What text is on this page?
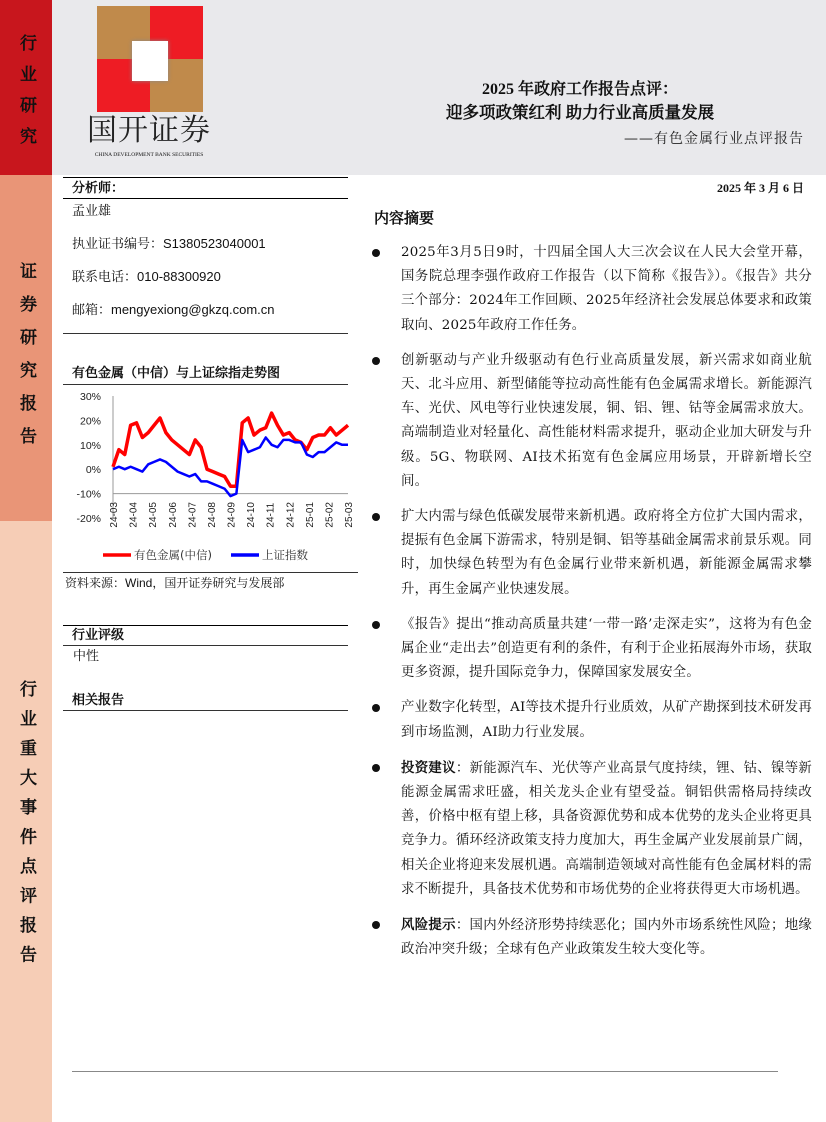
行业研究
证券研究报告
行业重大事件点评报告
国开证券
CHINA DEVELOPMENT BANK SECURITIES
2025 年政府工作报告点评：
迎多项政策红利 助力行业高质量发展
——有色金属行业点评报告
2025 年 3 月 6 日
分析师：
孟业雄
执业证书编号：S1380523040001
联系电话：010-88300920
邮箱：mengyexiong@gkzq.com.cn
有色金属（中信）与上证综指走势图
30%
20%
10%
0%
-10%
-20% 24-03 24-04 24-05 24-06 24-07 24-08 24-09 24-10 24-11 24-12 25-01 25-02 25-03
有色金属(中信)	上证指数
资料来源：Wind，国开证券研究与发展部
行业评级
中性
相关报告
内容摘要
2025年3月5日9时，十四届全国人大三次会议在人民大会堂开幕，国务院总理李强作政府工作报告（以下简称《报告》）。《报告》共分三个部分：2024年工作回顾、2025年经济社会发展总体要求和政策取向、2025年政府工作任务。
创新驱动与产业升级驱动有色行业高质量发展，新兴需求如商业航天、北斗应用、新型储能等拉动高性能有色金属需求增长。新能源汽车、光伏、风电等行业快速发展，铜、铝、锂、钴等金属需求放大。高端制造业对轻量化、高性能材料需求提升，驱动企业加大研发与升级。5G、物联网、AI技术拓宽有色金属应用场景，开辟新增长空间。
扩大内需与绿色低碳发展带来新机遇。政府将全方位扩大国内需求，提振有色金属下游需求，特别是铜、铝等基础金属需求前景乐观。同时，加快绿色转型为有色金属行业带来新机遇，新能源金属需求攀升，再生金属产业快速发展。
《报告》提出“推动高质量共建‘一带一路’走深走实”，这将为有色金属企业“走出去”创造更有利的条件，有利于企业拓展海外市场，获取更多资源，提升国际竞争力，保障国家发展安全。
产业数字化转型，AI等技术提升行业质效，从矿产勘探到技术研发再到市场监测，AI助力行业发展。
投资建议：新能源汽车、光伏等产业高景气度持续，锂、钴、镍等新能源金属需求旺盛，相关龙头企业有望受益。铜铝供需格局持续改善，价格中枢有望上移，具备资源优势和成本优势的龙头企业将更具竞争力。循环经济政策支持力度加大，再生金属产业发展前景广阔，相关企业将迎来发展机遇。高端制造领域对高性能有色金属材料的需求不断提升，具备技术优势和市场优势的企业将获得更大市场机遇。
风险提示：国内外经济形势持续恶化；国内外市场系统性风险；地缘政治冲突升级；全球有色产业政策发生较大变化等。
